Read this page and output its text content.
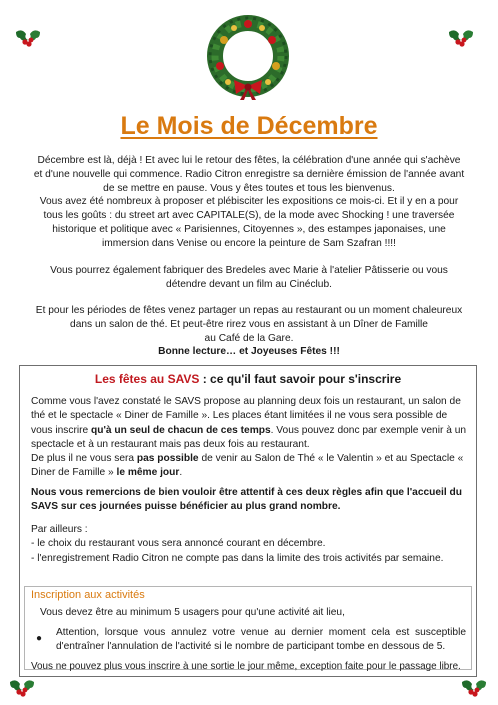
Le Mois de Décembre

Décembre est là, déjà ! Et avec lui le retour des fêtes, la célébration d'une année qui s'achève
et d'une nouvelle qui commence. Radio Citron enregistre sa dernière émission de l'année avant
de se mettre en pause. Vous y êtes toutes et tous les bienvenus.
Vous avez été nombreux à proposer et plébisciter les expositions ce mois-ci. Et il y en a pour
tous les goûts : du street art avec CAPITALE(S), de la mode avec Shocking ! une traversée
historique et politique avec « Parisiennes, Citoyennes », des estampes japonaises, une
immersion dans Venise ou encore la peinture de Sam Szafran !!!!

Vous pourrez également fabriquer des Bredeles avec Marie à l'atelier Pâtisserie ou vous
détendre devant un film au Cinéclub.

Et pour les périodes de fêtes venez partager un repas au restaurant ou un moment chaleureux
dans un salon de thé. Et peut-être rirez vous en assistant à un Dîner de Famille
au Café de la Gare.
Bonne lecture… et Joyeuses Fêtes !!!

Les fêtes au SAVS : ce qu'il faut savoir pour s'inscrire

Comme vous l'avez constaté le SAVS propose au planning deux fois un restaurant, un salon de thé et le spectacle « Diner de Famille ». Les places étant limitées il ne vous sera possible de vous inscrire qu'à un seul de chacun de ces temps. Vous pouvez donc par exemple venir à un spectacle et à un restaurant mais pas deux fois au restaurant.

De plus il ne vous sera pas possible de venir au Salon de Thé « le Valentin » et au Spectacle « Diner de Famille » le même jour.

Nous vous remercions de bien vouloir être attentif à ces deux règles afin que l'accueil du SAVS sur ces journées puisse bénéficier au plus grand nombre.

Par ailleurs :
- le choix du restaurant vous sera annoncé courant en décembre.
- l'enregistrement Radio Citron ne compte pas dans la limite des trois activités par semaine.

Inscription aux activités

Vous devez être au minimum 5 usagers pour qu'une activité ait lieu,

●

Attention, lorsque vous annulez votre venue au dernier moment cela est susceptible d'entraîner l'annulation de l'activité si le nombre de participant tombe en dessous de 5.

Vous ne pouvez plus vous inscrire à une sortie le jour même, exception faite pour le passage libre.
